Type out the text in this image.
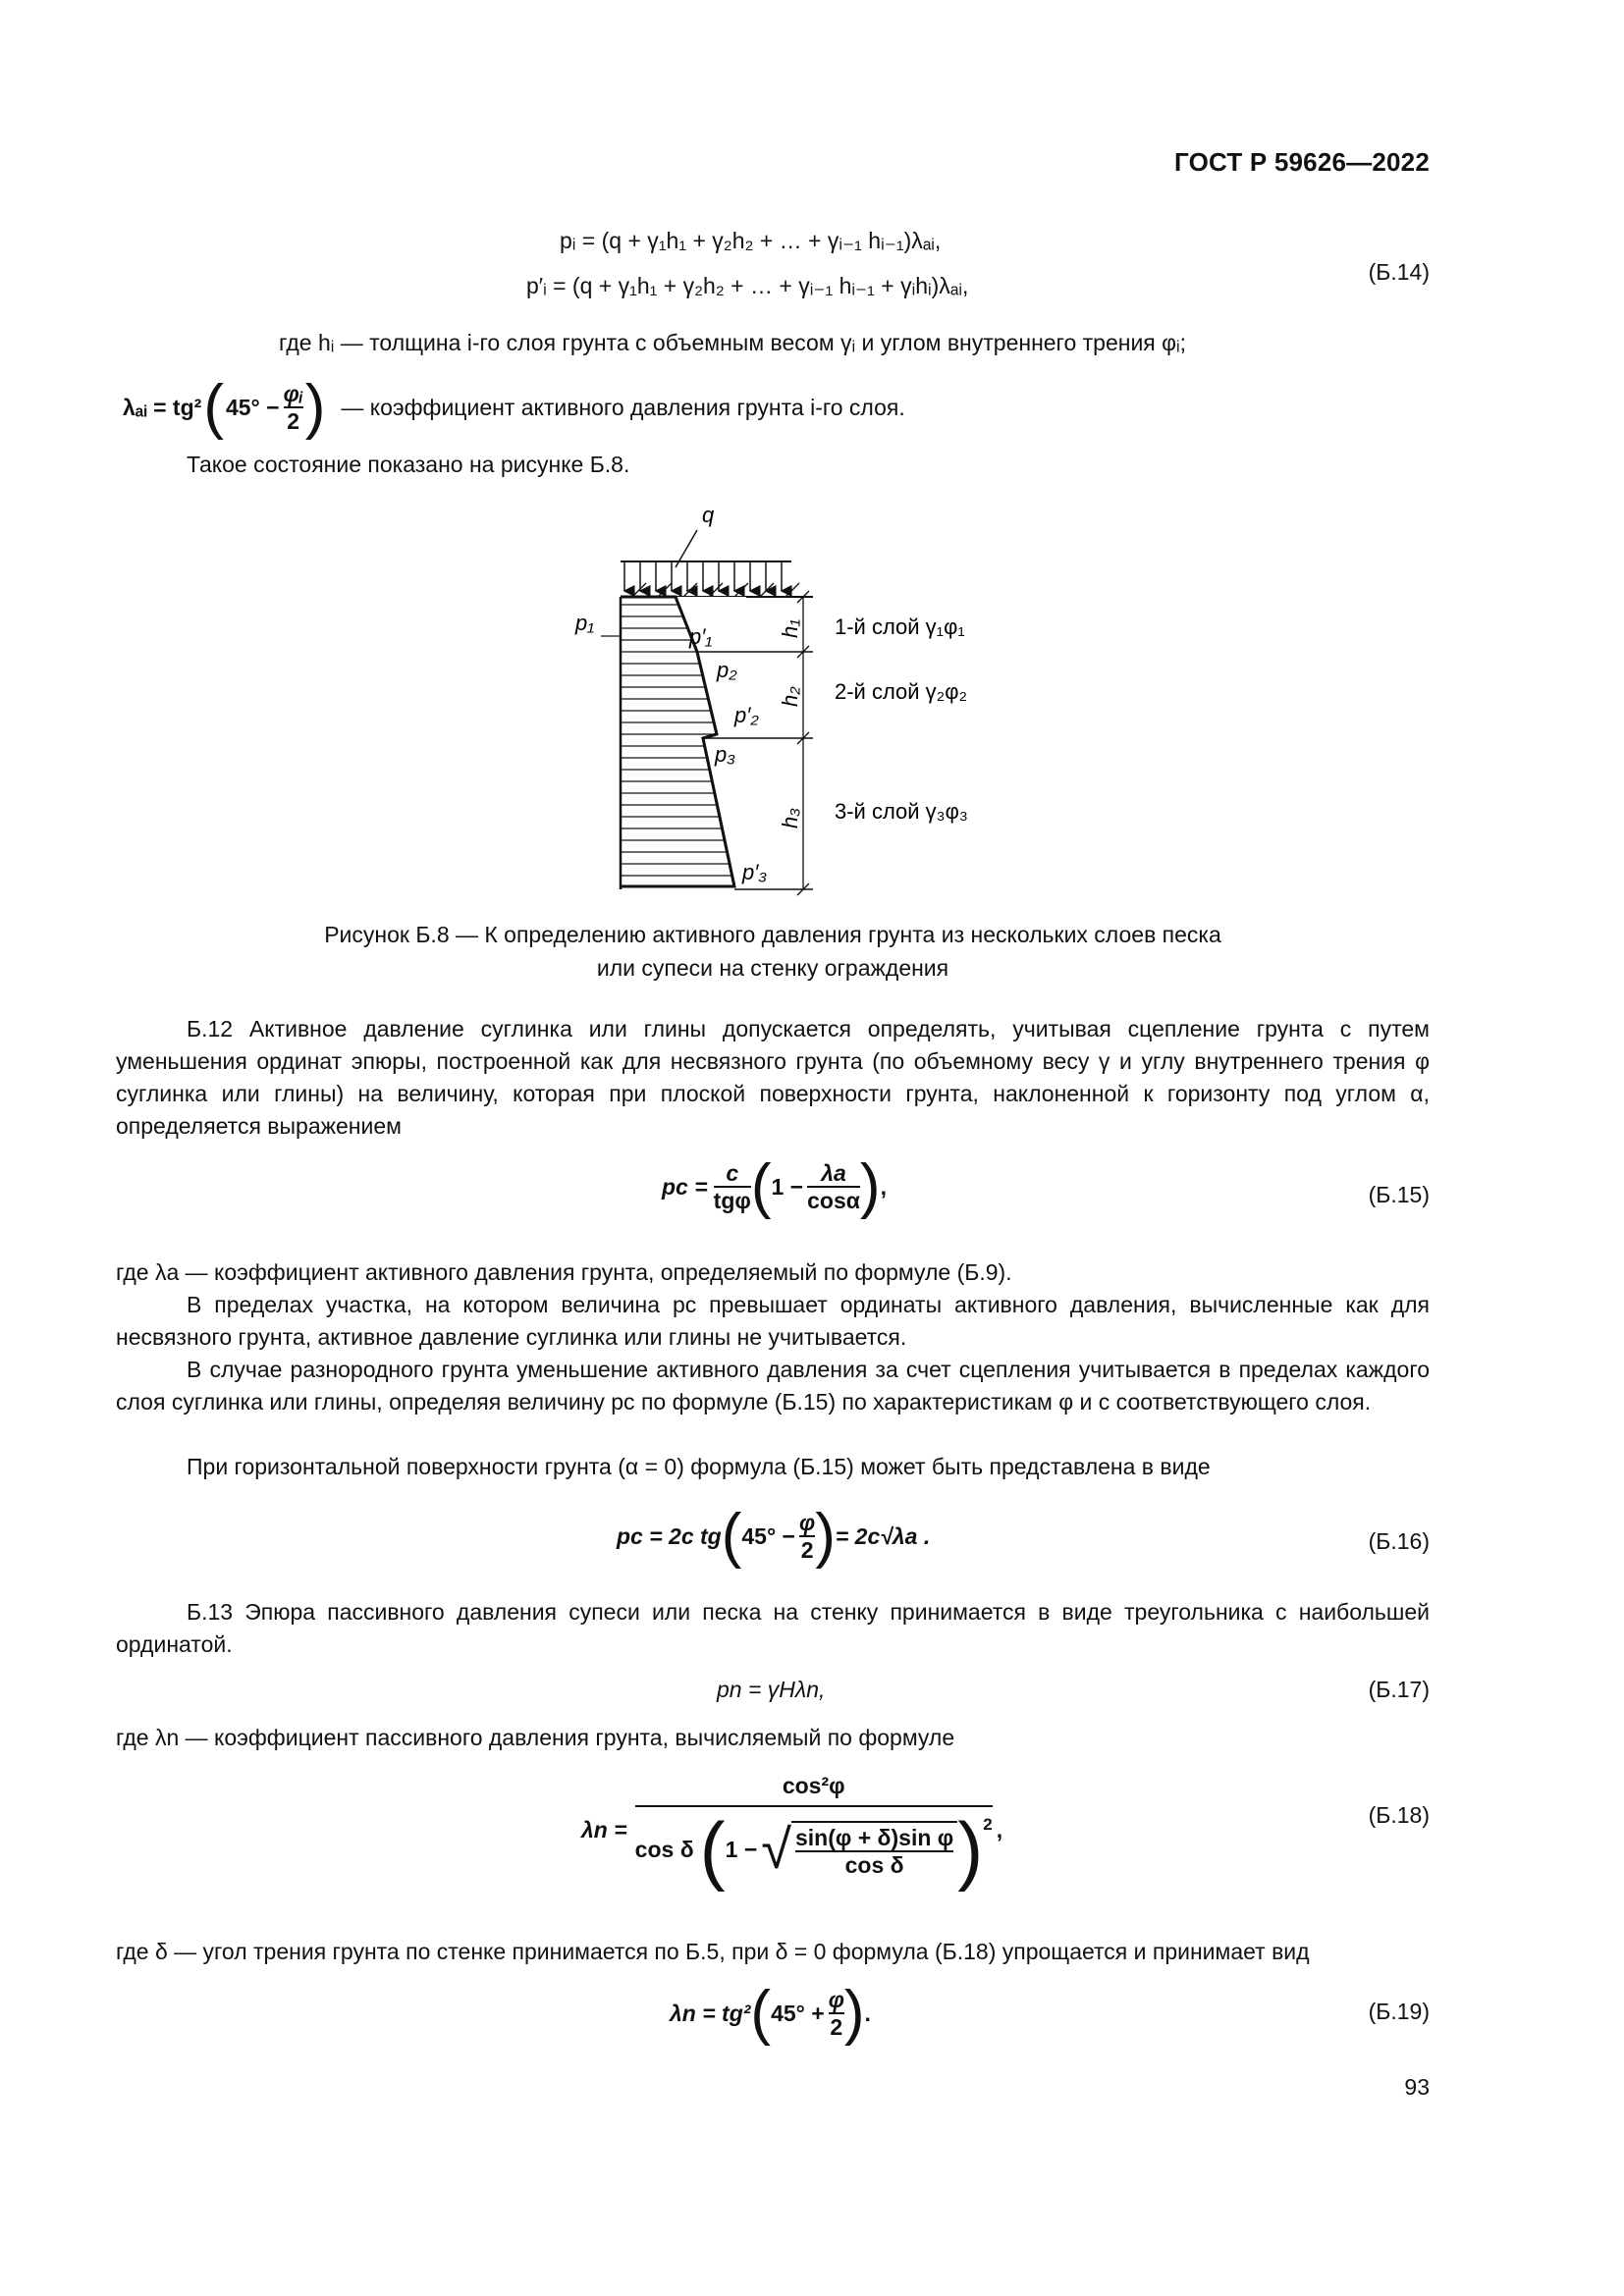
ГОСТ Р 59626—2022
pᵢ = (q + γ₁h₁ + γ₂h₂ + … + γᵢ₋₁ hᵢ₋₁)λₐᵢ,
p′ᵢ = (q + γ₁h₁ + γ₂h₂ + … + γᵢ₋₁ hᵢ₋₁ + γᵢhᵢ)λₐᵢ,
(Б.14)
где hᵢ — толщина i-го слоя грунта с объемным весом γᵢ и углом внутреннего трения φᵢ;
λₐᵢ = tg² ( $45^\circ - \frac{\text{φᵢ}}{2}$ ) — коэффициент активного давления грунта i-го слоя.
Такое состояние показано на рисунке Б.8.
q
p₁
p′₁
p₂
p′₂
p₃
p′₃
h₁
h₂
h₃
1-й слой γ₁φ₁
2-й слой γ₂φ₂
3-й слой γ₃φ₃
Рисунок Б.8 — К определению активного давления грунта из нескольких слоев песка
или супеси на стенку ограждения
Б.12 Активное давление суглинка или глины допускается определять, учитывая сцепление грунта c путем уменьшения ординат эпюры, построенной как для несвязного грунта (по объемному весу γ и углу внутреннего трения φ суглинка или глины) на величину, которая при плоской поверхности грунта, наклоненной к горизонту под углом α, определяется выражением
pc = $\frac{c}{\text{tgφ}}$ ( $1 - \frac{\lambda a}{\cos\alpha}$ ) ,	(Б.15)
где λa — коэффициент активного давления грунта, определяемый по формуле (Б.9).
В пределах участка, на котором величина pc превышает ординаты активного давления, вычисленные как для несвязного грунта, активное давление суглинка или глины не учитывается.
В случае разнородного грунта уменьшение активного давления за счет сцепления учитывается в пределах каждого слоя суглинка или глины, определяя величину pc по формуле (Б.15) по характеристикам φ и c соответствующего слоя.
При горизонтальной поверхности грунта (α = 0) формула (Б.15) может быть представлена в виде
pc = 2c tg ( $45^\circ - \frac{\varphi}{2}$ ) = 2c√λa .	(Б.16)
Б.13 Эпюра пассивного давления супеси или песка на стенку принимается в виде треугольника с наибольшей ординатой.
pn = γHλn,	(Б.17)
где λn — коэффициент пассивного давления грунта, вычисляемый по формуле
λn =
cos²φ
cos δ ( 1 − √ $\frac{\text{sin(φ + δ)sin φ}}{\text{cos δ}}$ ) 2 ,
(Б.18)
где δ — угол трения грунта по стенке принимается по Б.5, при δ = 0 формула (Б.18) упрощается и принимает вид
λn = tg² ( $45^\circ + \frac{\varphi}{2}$ ) .	(Б.19)
93
